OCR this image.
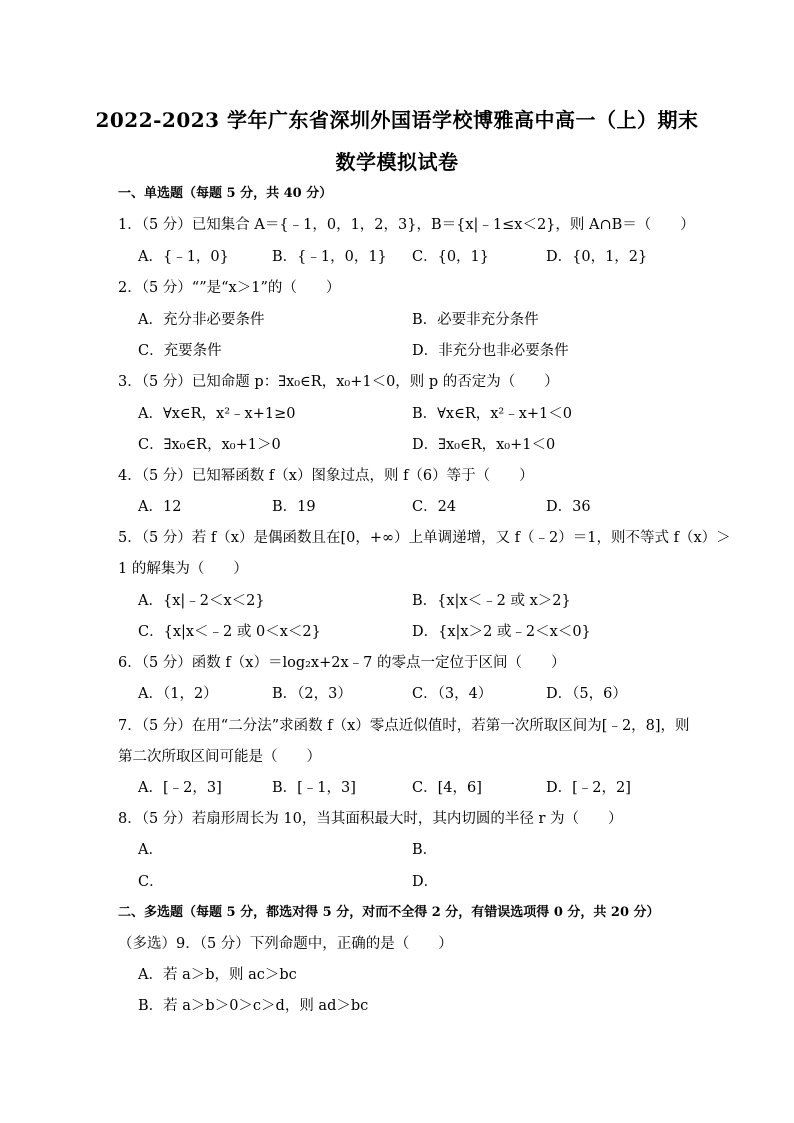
2022-2023 学年广东省深圳外国语学校博雅高中高一（上）期末
数学模拟试卷
一、单选题（每题 5 分，共 40 分）
1．（5 分）已知集合 A＝{﹣1，0，1，2，3}，B＝{x|﹣1≤x＜2}，则 A∩B＝（　　）
A．{﹣1，0}	B．{﹣1，0，1} C．{0，1}	D．{0，1，2}
2．（5 分）“”是“x＞1”的（　　）
A．充分非必要条件	B．必要非充分条件
C．充要条件	D．非充分也非必要条件
3．（5 分）已知命题 p：∃x₀∈R，x₀+1＜0，则 p 的否定为（　　）
A．∀x∈R，x²﹣x+1≥0	B．∀x∈R，x²﹣x+1＜0
C．∃x₀∈R，x₀+1＞0	D．∃x₀∈R，x₀+1＜0
4．（5 分）已知幂函数 f（x）图象过点，则 f（6）等于（　　）
A．12	B．19	C．24	D．36
5．（5 分）若 f（x）是偶函数且在[0，+∞）上单调递增，又 f（﹣2）＝1，则不等式 f（x）＞
1 的解集为（　　）
A．{x|﹣2＜x＜2}	B．{x|x＜﹣2 或 x＞2}
C．{x|x＜﹣2 或 0＜x＜2}	D．{x|x＞2 或﹣2＜x＜0}
6．（5 分）函数 f（x）＝log₂x+2x﹣7 的零点一定位于区间（　　）
A．（1，2）	B．（2，3）	C．（3，4）	D．（5，6）
7．（5 分）在用“二分法”求函数 f（x）零点近似值时，若第一次所取区间为[﹣2，8]，则
第二次所取区间可能是（　　）
A．[﹣2，3]	B．[﹣1，3]	C．[4，6]	D．[﹣2，2]
8．（5 分）若扇形周长为 10，当其面积最大时，其内切圆的半径 r 为（　　）
A．	B．
C．	D．
二、多选题（每题 5 分，都选对得 5 分，对而不全得 2 分，有错误选项得 0 分，共 20 分）
（多选）9．（5 分）下列命题中，正确的是（　　）
A．若 a＞b，则 ac＞bc
B．若 a＞b＞0＞c＞d，则 ad＞bc
